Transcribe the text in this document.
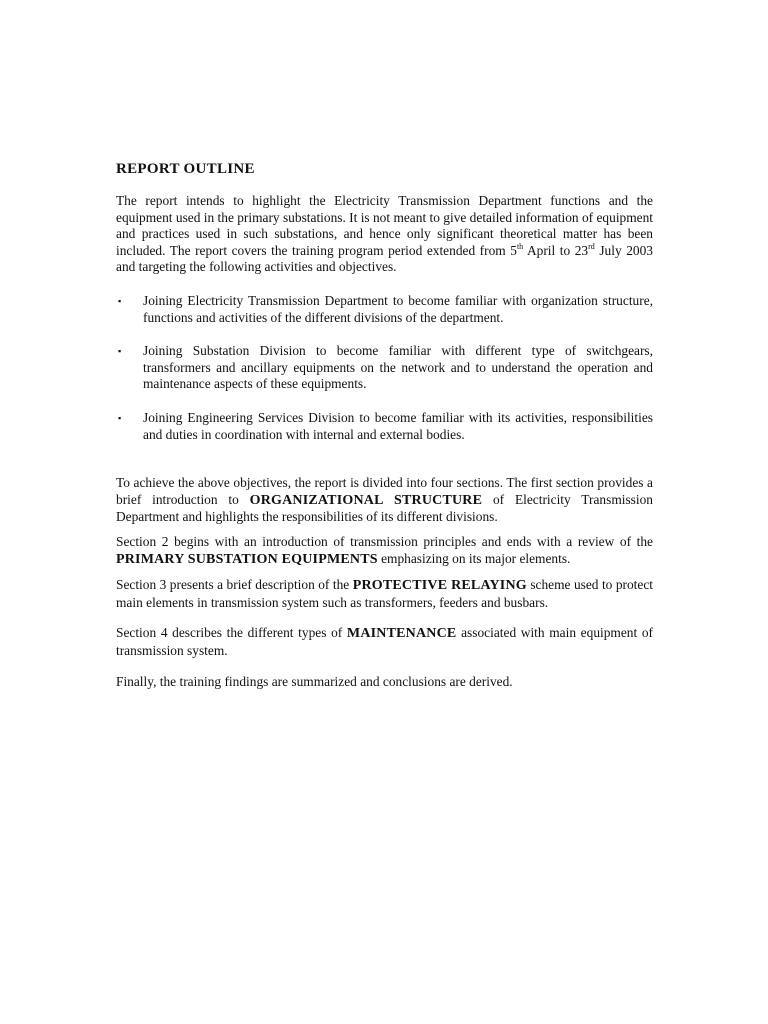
REPORT OUTLINE

The report intends to highlight the Electricity Transmission Department functions and the equipment used in the primary substations. It is not meant to give detailed information of equipment and practices used in such substations, and hence only significant theoretical matter has been included. The report covers the training program period extended from 5th April to 23rd July 2003 and targeting the following activities and objectives.

▪ Joining Electricity Transmission Department to become familiar with organization structure, functions and activities of the different divisions of the department.
▪ Joining Substation Division to become familiar with different type of switchgears, transformers and ancillary equipments on the network and to understand the operation and maintenance aspects of these equipments.
▪ Joining Engineering Services Division to become familiar with its activities, responsibilities and duties in coordination with internal and external bodies.

To achieve the above objectives, the report is divided into four sections. The first section provides a brief introduction to ORGANIZATIONAL STRUCTURE of Electricity Transmission Department and highlights the responsibilities of its different divisions.

Section 2 begins with an introduction of transmission principles and ends with a review of the PRIMARY SUBSTATION EQUIPMENTS emphasizing on its major elements.

Section 3 presents a brief description of the PROTECTIVE RELAYING scheme used to protect main elements in transmission system such as transformers, feeders and busbars.

Section 4 describes the different types of MAINTENANCE associated with main equipment of transmission system.

Finally, the training findings are summarized and conclusions are derived.
